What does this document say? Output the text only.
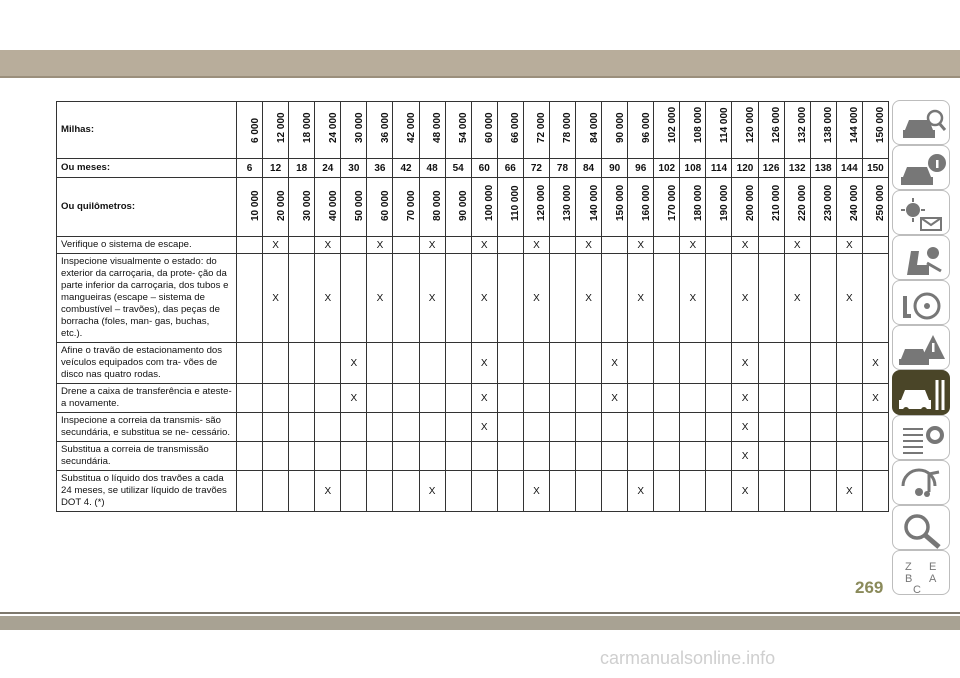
Milhas:	6 000	12 000	18 000	24 000	30 000	36 000	42 000	48 000	54 000	60 000	66 000	72 000	78 000	84 000	90 000	96 000	102 000	108 000	114 000	120 000	126 000	132 000	138 000	144 000	150 000

Ou meses:	6	12	18	24	30	36	42	48	54	60	66	72	78	84	90	96	102	108	114	120	126	132	138	144	150
Ou quilômetros:	10 000	20 000	30 000	40 000	50 000	60 000	70 000	80 000	90 000	100 000	110 000	120 000	130 000	140 000	150 000	160 000	170 000	180 000	190 000	200 000	210 000	220 000	230 000	240 000	250 000

Verifique o sistema de escape.		X		X		X		X		X		X		X		X		X		X		X		X	
Inspecione visualmente o estado: do exterior da carroçaria, da prote- ção da parte inferior da carroçaria, dos tubos e mangueiras (escape – sistema de combustível – travões), das peças de borracha (foles, man- gas, buchas, etc.).		X		X		X		X		X		X		X		X		X		X		X		X	
Afine o travão de estacionamento dos veículos equipados com tra- vões de disco nas quatro rodas.					X					X					X					X					X
Drene a caixa de transferência e ateste-a novamente.					X					X					X					X					X
Inspecione a correia da transmis- são secundária, e substitua se ne- cessário.										X										X					
Substitua a correia de transmissão secundária.																				X					
Substitua o líquido dos travões a cada 24 meses, se utilizar líquido de travões DOT 4. (*)				X				X				X				X				X				X	
Z E
B A
C
269
carmanualsonline.info
